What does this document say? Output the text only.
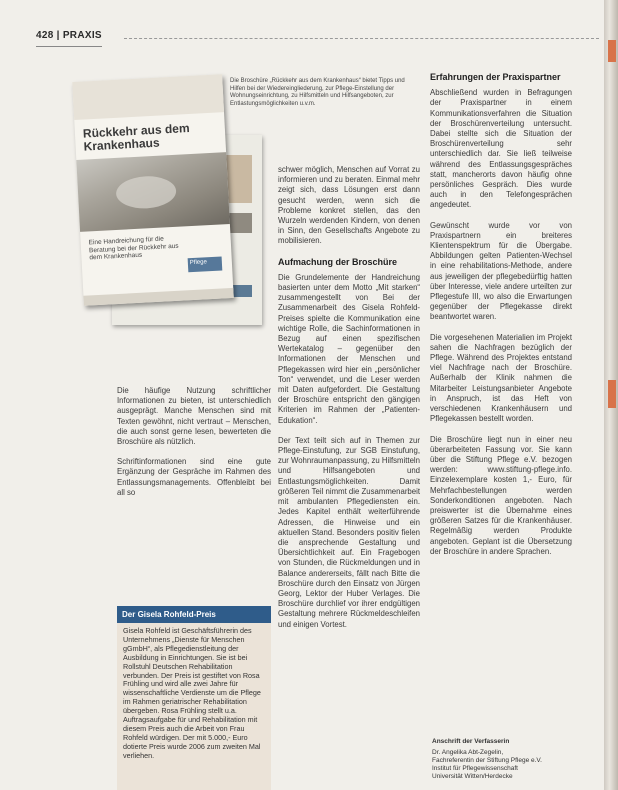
428 | PRAXIS
Rückkehr aus dem Krankenhaus
Eine Handreichung für die Beratung bei der Rückkehr aus dem Krankenhaus
Pflege
Die Broschüre „Rückkehr aus dem Krankenhaus“ bietet Tipps und Hilfen bei der Wiedereingliederung, zur Pflege-Einstellung der Wohnungseinrichtung, zu Hilfsmitteln und Hilfsangeboten, zur Entlastungsmöglichkeiten u.v.m.

Die häufige Nutzung schriftlicher Informationen zu bieten, ist unterschiedlich ausgeprägt. Manche Menschen sind mit Texten gewöhnt, nicht vertraut – Menschen, die auch sonst gerne lesen, bewerteten die Broschüre als nützlich.

Schriftinformationen sind eine gute Ergänzung der Gespräche im Rahmen des Entlassungsmanagements. Offenbleibt bei all so

Der Gisela Rohfeld-Preis
Gisela Rohfeld ist Geschäftsführerin des Unternehmens „Dienste für Menschen gGmbH“, als Pflegedienstleitung der Ausbildung in Einrichtungen. Sie ist bei Rollstuhl Deutschen Rehabilitation verbunden. Der Preis ist gestiftet von Rosa Frühling und wird alle zwei Jahre für wissenschaftliche Verdienste um die Pflege im Rahmen geriatrischer Rehabilitation übergeben. Rosa Frühling stellt u.a. Auftragsaufgabe für und Rehabilitation mit diesem Preis auch die Arbeit von Frau Rohfeld würdigen. Der mit 5.000,- Euro dotierte Preis wurde 2006 zum zweiten Mal verliehen.

schwer möglich, Menschen auf Vorrat zu informieren und zu beraten. Einmal mehr zeigt sich, dass Lösungen erst dann gesucht werden, wenn sich die Probleme konkret stellen, das den Wurzeln werdenden Kindern, von denen in Sinn, den Gesellschafts Angebote zu mobilisieren.

Aufmachung der Broschüre

Die Grundelemente der Handreichung basierten unter dem Motto „Mit starken“ zusammengestellt von Bei der Zusammenarbeit des Gisela Rohfeld-Preises spielte die Kommunikation eine wichtige Rolle, die Sachinformationen in Bezug auf einen spezifischen Wertekatalog – gegenüber den Informationen der Menschen und Pflegekassen wird hier ein „persönlicher Ton“ verwendet, und die Leser werden mit Daten aufgefordert. Die Gestaltung der Broschüre entspricht den gängigen Kriterien im Rahmen der „Patienten-Edukation“.

Der Text teilt sich auf in Themen zur Pflege-Einstufung, zur SGB Einstufung, zur Wohnraumanpassung, zu Hilfsmitteln und Hilfsangeboten und Entlastungsmöglichkeiten. Damit größeren Teil nimmt die Zusammenarbeit mit ambulanten Pflegediensten ein. Jedes Kapitel enthält weiterführende Adressen, die Hinweise und ein aktuellen Stand. Besonders positiv fielen die ansprechende Gestaltung und Übersichtlichkeit auf. Ein Fragebogen von Stunden, die Rückmeldungen und in Balance andererseits, fällt nach Bitte die Broschüre durch den Einsatz von Jürgen Georg, Lektor der Huber Verlages. Die Broschüre durchlief vor ihrer endgültigen Gestaltung mehrere Rückmeldeschleifen und einigen Vortest.

Erfahrungen der Praxispartner

Abschließend wurden in Befragungen der Praxispartner in einem Kommunikationsverfahren die Situation der Broschürenverteilung untersucht. Dabei stellte sich die Situation der Broschürenverteilung sehr unterschiedlich dar. Sie ließ teilweise während des Entlassungsgespräches statt, mancherorts davon häufig ohne persönliches Gespräch. Dies wurde auch in den Telefongesprächen angedeutet.

Gewünscht wurde vor von Praxispartnern ein breiteres Klientenspektrum für die Übergabe. Abbildungen gelten Patienten-Wechsel in eine rehabilitations-Methode, andere aus jeweiligen der pflegebedürftig hatten über Interesse, viele andere urteilten zur Pflegestufe III, wo also die Erwartungen gegenüber der Pflegekasse direkt beantwortet waren.

Die vorgesehenen Materialien im Projekt sahen die Nachfragen bezüglich der Pflege. Während des Projektes entstand viel Nachfrage nach der Broschüre. Außerhalb der Klinik nahmen die Mitarbeiter Leistungsanbieter Angebote in Anspruch, ist das Heft von verschiedenen Krankenhäusern und Pflegekassen bestellt worden.

Die Broschüre liegt nun in einer neu überarbeiteten Fassung vor. Sie kann über die Stiftung Pflege e.V. bezogen werden: www.stiftung-pflege.info. Einzelexemplare kosten 1,- Euro, für Mehrfachbestellungen werden Sonderkonditionen angeboten. Nach preiswerter ist die Übernahme eines größeren Satzes für die Krankenhäuser. Regelmäßig werden Produkte angeboten. Geplant ist die Übersetzung der Broschüre in andere Sprachen.

Anschrift der Verfasserin
Dr. Angelika Abt-Zegelin,
Fachreferentin der Stiftung Pflege e.V.
Institut für Pflegewissenschaft
Universität Witten/Herdecke
